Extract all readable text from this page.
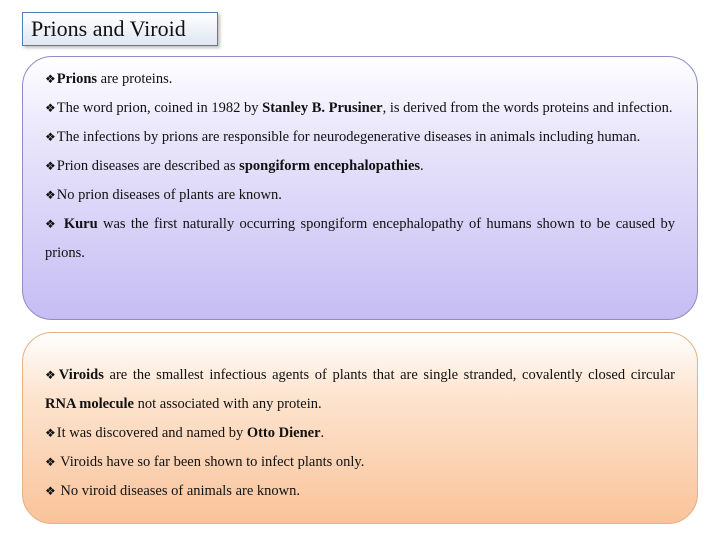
Prions and Viroid

❖ Prions are proteins.

❖ The word prion, coined in 1982 by Stanley B. Prusiner, is derived from the words proteins and infection.

❖ The infections by prions are responsible for neurodegenerative diseases in animals including human.

❖ Prion diseases are described as spongiform encephalopathies.

❖ No prion diseases of plants are known.

❖ Kuru was the first naturally occurring spongiform encephalopathy of humans shown to be caused by prions.

❖ Viroids are the smallest infectious agents of plants that are single stranded, covalently closed circular RNA molecule not associated with any protein.

❖ It was discovered and named by Otto Diener.

❖ Viroids have so far been shown to infect plants only.

❖ No viroid diseases of animals are known.
